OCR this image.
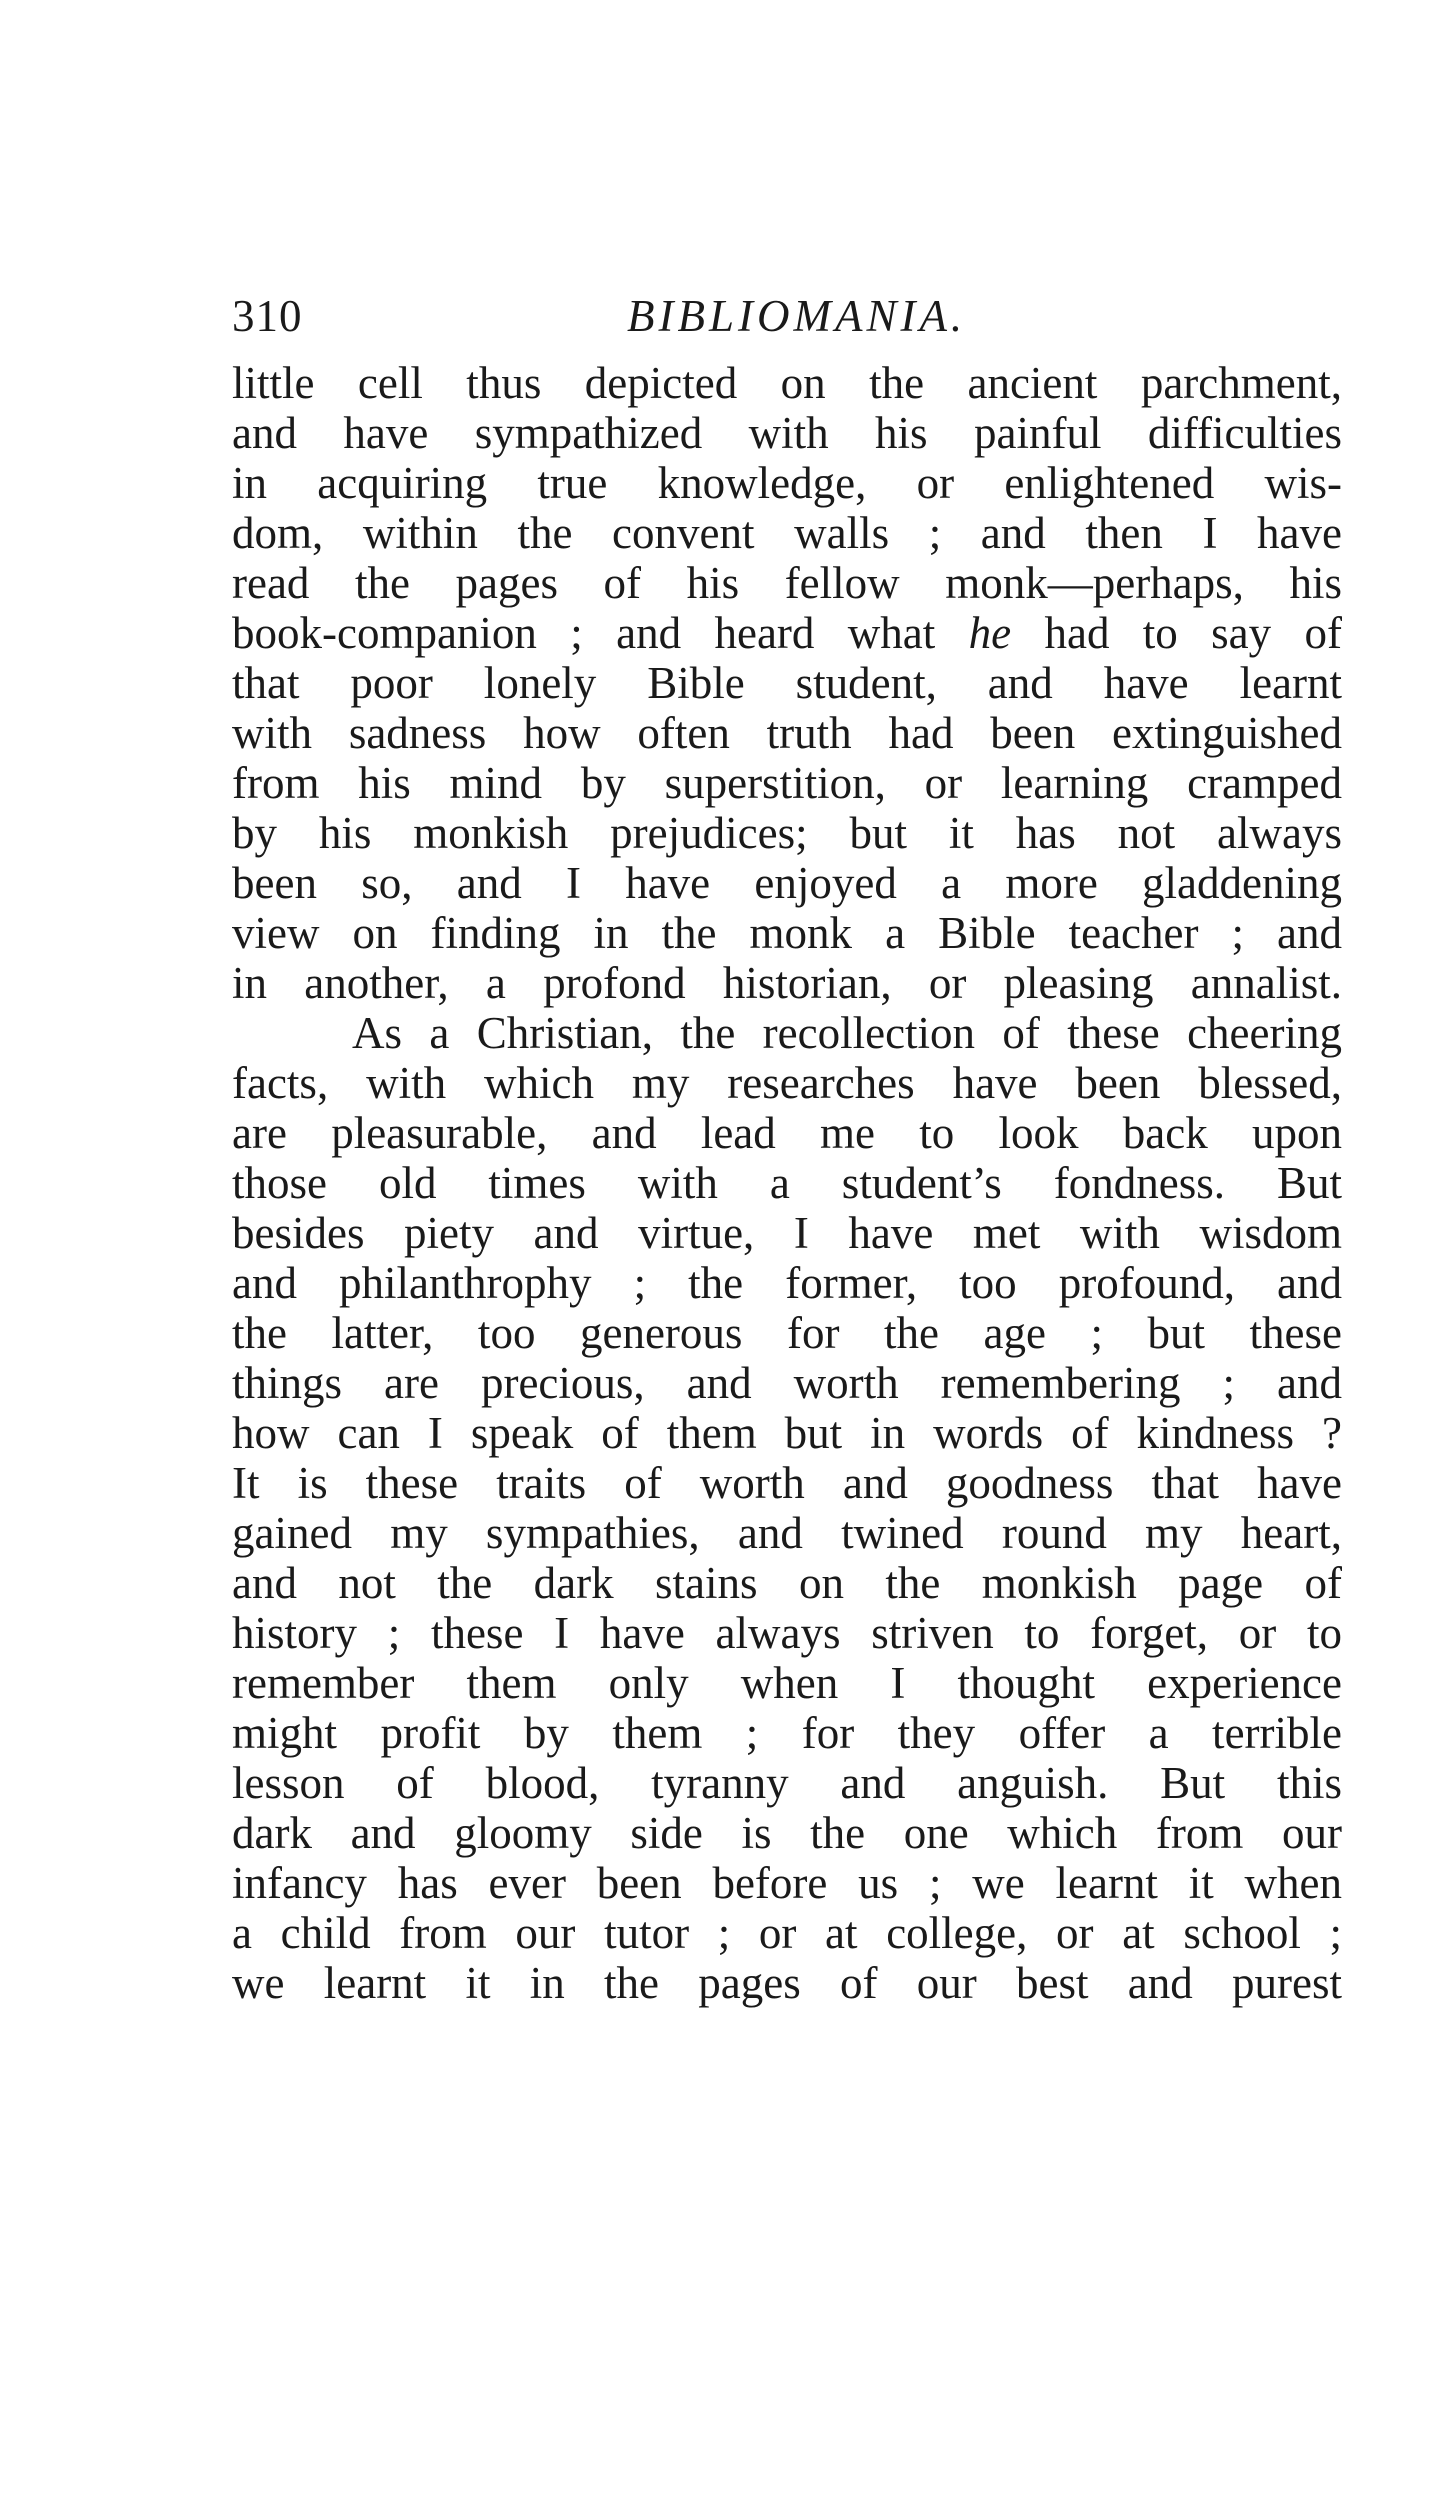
310	BIBLIOMANIA.
little cell thus depicted on the ancient parchment,
and have sympathized with his painful difficulties
in acquiring true knowledge, or enlightened wis-
dom, within the convent walls ; and then I have
read the pages of his fellow monk—perhaps, his
book-companion ; and heard what he had to say of
that poor lonely Bible student, and have learnt
with sadness how often truth had been extinguished
from his mind by superstition, or learning cramped
by his monkish prejudices; but it has not always
been so, and I have enjoyed a more gladdening
view on finding in the monk a Bible teacher ; and
in another, a profond historian, or pleasing annalist.
As a Christian, the recollection of these cheering
facts, with which my researches have been blessed,
are pleasurable, and lead me to look back upon
those old times with a student’s fondness. But
besides piety and virtue, I have met with wisdom
and philanthrophy ; the former, too profound, and
the latter, too generous for the age ; but these
things are precious, and worth remembering ; and
how can I speak of them but in words of kindness ?
It is these traits of worth and goodness that have
gained my sympathies, and twined round my heart,
and not the dark stains on the monkish page of
history ; these I have always striven to forget, or to
remember them only when I thought experience
might profit by them ; for they offer a terrible
lesson of blood, tyranny and anguish. But this
dark and gloomy side is the one which from our
infancy has ever been before us ; we learnt it when
a child from our tutor ; or at college, or at school ;
we learnt it in the pages of our best and purest
